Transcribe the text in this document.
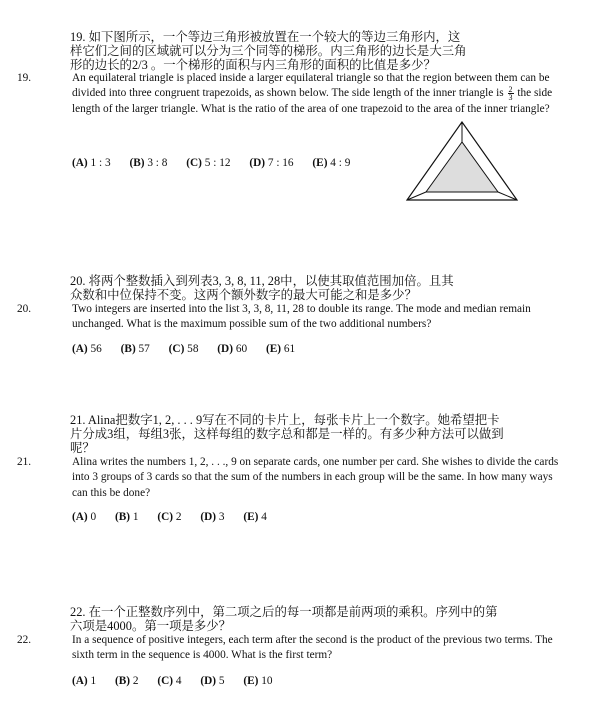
19. 如下图所示，一个等边三角形被放置在一个较大的等边三角形内，这
样它们之间的区域就可以分为三个同等的梯形。内三角形的边长是大三角
形的边长的2/3 。一个梯形的面积与内三角形的面积的比值是多少？
19.	An equilateral triangle is placed inside a larger equilateral triangle so that the region between them can be divided into three congruent trapezoids, as shown below. The side length of the inner triangle is $\frac{2}{3}$ the side length of the larger triangle. What is the ratio of the area of one trapezoid to the area of the inner triangle?
(A) 1 : 3 (B) 3 : 8 (C) 5 : 12 (D) 7 : 16 (E) 4 : 9
20. 将两个整数插入到列表3, 3, 8, 11, 28中，以使其取值范围加倍。且其
众数和中位保持不变。这两个额外数字的最大可能之和是多少？
20.	Two integers are inserted into the list 3, 3, 8, 11, 28 to double its range. The mode and median remain unchanged. What is the maximum possible sum of the two additional numbers?
(A) 56 (B) 57 (C) 58 (D) 60 (E) 61
21. Alina把数字1, 2, . . . 9写在不同的卡片上，每张卡片上一个数字。她希望把卡
片分成3组，每组3张，这样每组的数字总和都是一样的。有多少种方法可以做到
呢？
21.	Alina writes the numbers 1, 2, . . ., 9 on separate cards, one number per card. She wishes to divide the cards into 3 groups of 3 cards so that the sum of the numbers in each group will be the same. In how many ways can this be done?
(A) 0 (B) 1 (C) 2 (D) 3 (E) 4
22. 在一个正整数序列中，第二项之后的每一项都是前两项的乘积。序列中的第
六项是4000。第一项是多少？
22.	In a sequence of positive integers, each term after the second is the product of the previous two terms. The sixth term in the sequence is 4000. What is the first term?
(A) 1 (B) 2 (C) 4 (D) 5 (E) 10
